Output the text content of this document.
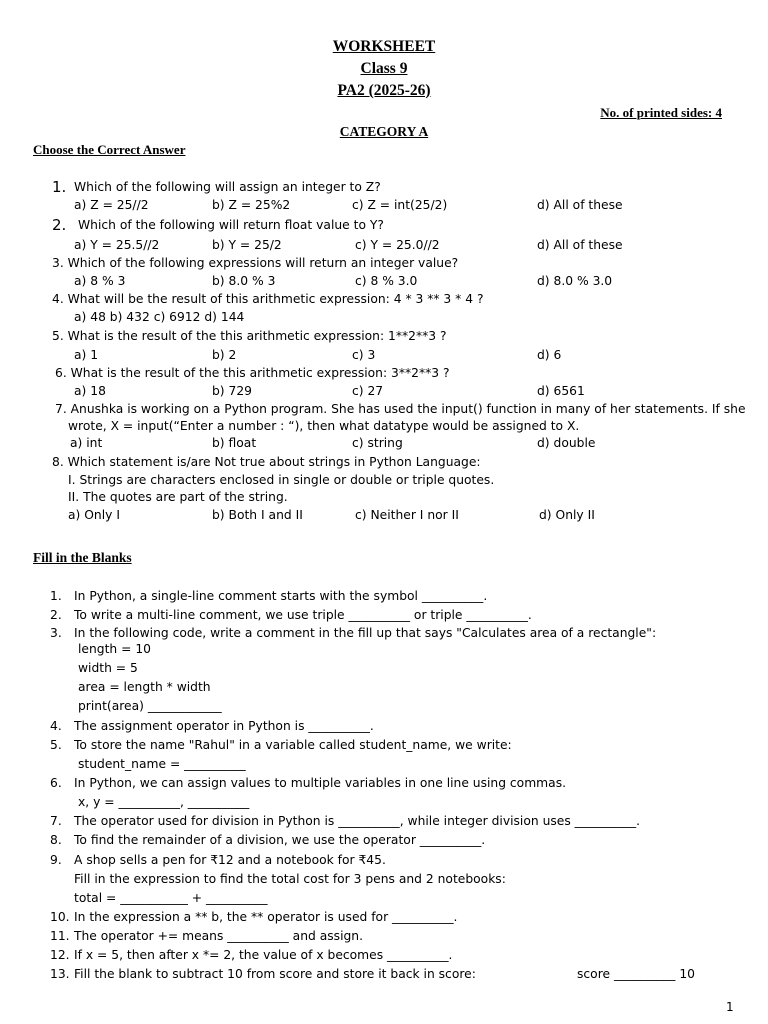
WORKSHEET
Class 9
PA2 (2025-26)
No. of printed sides: 4
CATEGORY A
Choose the Correct Answer
1. Which of the following will assign an integer to Z?
a) Z = 25//2	b) Z = 25%2	c) Z = int(25/2)	d) All of these
2. Which of the following will return float value to Y?
a) Y = 25.5//2	b) Y = 25/2	c) Y = 25.0//2	d) All of these
3. Which of the following expressions will return an integer value?
a) 8 % 3	b) 8.0 % 3	c) 8 % 3.0	d) 8.0 % 3.0
4. What will be the result of this arithmetic expression: 4 * 3 ** 3 * 4 ?
a) 48 b) 432 c) 6912 d) 144
5. What is the result of the this arithmetic expression: 1**2**3 ?
a) 1	b) 2	c) 3	d) 6
6. What is the result of the this arithmetic expression: 3**2**3 ?
a) 18	b) 729	c) 27	d) 6561
7. Anushka is working on a Python program. She has used the input() function in many of her statements. If she
wrote, X = input(“Enter a number : “), then what datatype would be assigned to X.
a) int	b) float	c) string	d) double
8. Which statement is/are Not true about strings in Python Language:
I. Strings are characters enclosed in single or double or triple quotes.
II. The quotes are part of the string.
a) Only I	b) Both I and II	c) Neither I nor II	d) Only II
Fill in the Blanks
1. In Python, a single-line comment starts with the symbol __________.
2. To write a multi-line comment, we use triple __________ or triple __________.
3. In the following code, write a comment in the fill up that says "Calculates area of a rectangle":
length = 10
width = 5
area = length * width
print(area) ____________
4. The assignment operator in Python is __________.
5. To store the name "Rahul" in a variable called student_name, we write:
student_name = __________
6. In Python, we can assign values to multiple variables in one line using commas.
x, y = __________, __________
7. The operator used for division in Python is __________, while integer division uses __________.
8. To find the remainder of a division, we use the operator __________.
9. A shop sells a pen for ₹12 and a notebook for ₹45.
Fill in the expression to find the total cost for 3 pens and 2 notebooks:
total = ___________ + __________
10. In the expression a ** b, the ** operator is used for __________.
11. The operator += means __________ and assign.
12. If x = 5, then after x *= 2, the value of x becomes __________.
13. Fill the blank to subtract 10 from score and store it back in score:	score __________ 10
1
